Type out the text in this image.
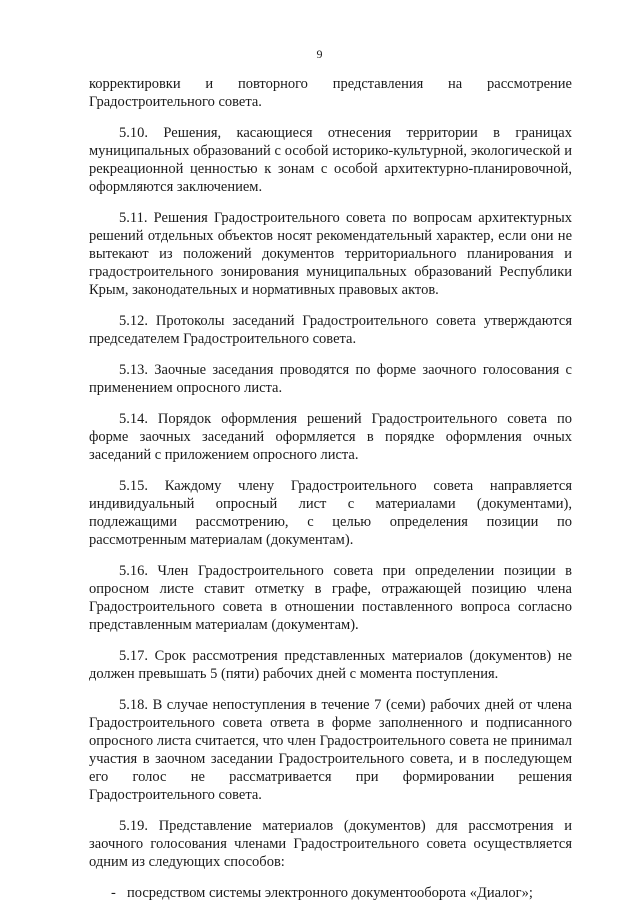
9

корректировки и повторного представления на рассмотрение
Градостроительного совета.

5.10. Решения, касающиеся отнесения территории в границах муниципальных образований с особой историко-культурной, экологической и рекреационной ценностью к зонам с особой архитектурно-планировочной, оформляются заключением.

5.11. Решения Градостроительного совета по вопросам архитектурных решений отдельных объектов носят рекомендательный характер, если они не вытекают из положений документов территориального планирования и градостроительного зонирования муниципальных образований Республики Крым, законодательных и нормативных правовых актов.

5.12. Протоколы заседаний Градостроительного совета утверждаются председателем Градостроительного совета.

5.13. Заочные заседания проводятся по форме заочного голосования с применением опросного листа.

5.14. Порядок оформления решений Градостроительного совета по форме заочных заседаний оформляется в порядке оформления очных заседаний с приложением опросного листа.

5.15. Каждому члену Градостроительного совета направляется индивидуальный опросный лист с материалами (документами), подлежащими рассмотрению, с целью определения позиции по рассмотренным материалам (документам).

5.16. Член Градостроительного совета при определении позиции в опросном листе ставит отметку в графе, отражающей позицию члена Градостроительного совета в отношении поставленного вопроса согласно представленным материалам (документам).

5.17. Срок рассмотрения представленных материалов (документов) не должен превышать 5 (пяти) рабочих дней с момента поступления.

5.18. В случае непоступления в течение 7 (семи) рабочих дней от члена Градостроительного совета ответа в форме заполненного и подписанного опросного листа считается, что член Градостроительного совета не принимал участия в заочном заседании Градостроительного совета, и в последующем его голос не рассматривается при формировании решения Градостроительного совета.

5.19. Представление материалов (документов) для рассмотрения и заочного голосования членами Градостроительного совета осуществляется одним из следующих способов:

- посредством системы электронного документооборота «Диалог»;
